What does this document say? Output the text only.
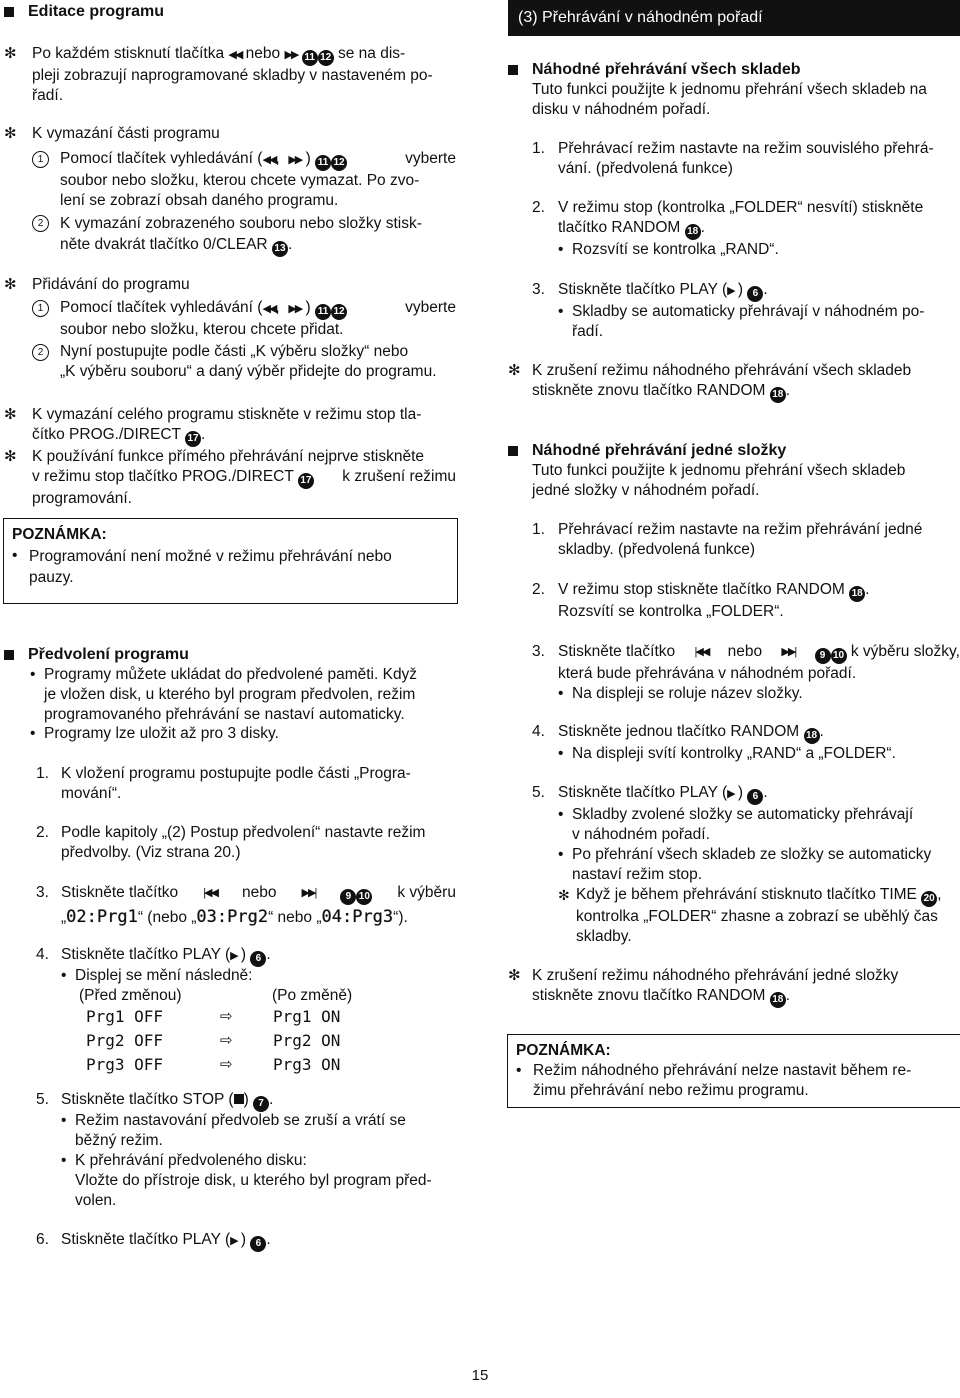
Editace programu
✻ Po každém stisknutí tlačítka ◀◀ nebo ▶▶ 11 12 se na dis-
pleji zobrazují naprogramované skladby v nastaveném po-
řadí.
✻ K vymazání části programu
1	Pomocí tlačítek vyhledávání (◀◀, ▶▶ ) 11 12	vyberte
soubor nebo složku, kterou chcete vymazat. Po zvo-
lení se zobrazí obsah daného programu.
2	K vymazání zobrazeného souboru nebo složky stisk-
něte dvakrát tlačítko 0/CLEAR 13 .
✻ Přidávání do programu
1	Pomocí tlačítek vyhledávání (◀◀,  ▶▶ ) 11 12	vyberte
soubor nebo složku, kterou chcete přidat.
2	Nyní postupujte podle části „K výběru složky“ nebo
„K výběru souboru“ a daný výběr přidejte do programu.
✻ K vymazání celého programu stiskněte v režimu stop tla-
čítko PROG./DIRECT 17 .
✻ K používání funkce přímého přehrávání nejprve stiskněte
v režimu stop tlačítko PROG./DIRECT 17 k zrušení režimu
programování.
POZNÁMKA:
• Programování není možné v režimu přehrávání nebo
pauzy.
Předvolení programu
• Programy můžete ukládat do předvolené paměti. Když
je vložen disk, u kterého byl program předvolen, režim
programovaného přehrávání se nastaví automaticky.
• Programy lze uložit až pro 3 disky.
1. K vložení programu postupujte podle části „Progra-
mování“.
2. Podle kapitoly „(2) Postup předvolení“ nastavte režim
předvolby. (Viz strana 20.)
3. Stiskněte tlačítko |◀◀ nebo ▶▶|	9 10 k výběru
„02:Prg1“ (nebo „03:Prg2“ nebo „04:Prg3“).
4. Stiskněte tlačítko PLAY (▶ ) 6 .
• Displej se mění následně:
(Před změnou)	(Po změně)
Prg1 OFF	⇨	Prg1 ON
Prg2 OFF	⇨	Prg2 ON
Prg3 OFF	⇨	Prg3 ON
5. Stiskněte tlačítko STOP ( ) 7 .
• Režim nastavování předvoleb se zruší a vrátí se
běžný režim.
• K přehrávání předvoleného disku:
Vložte do přístroje disk, u kterého byl program před-
volen.
6. Stiskněte tlačítko PLAY (▶ ) 6 .
(3) Přehrávání v náhodném pořadí
Náhodné přehrávání všech skladeb
Tuto funkci použijte k jednomu přehrání všech skladeb na
disku v náhodném pořadí.
1. Přehrávací režim nastavte na režim souvislého přehrá-
vání. (předvolená funkce)
2. V režimu stop (kontrolka „FOLDER“ nesvítí) stiskněte
tlačítko RANDOM 18 .
•  Rozsvítí se kontrolka „RAND“.
3. Stiskněte tlačítko PLAY (▶ ) 6 .
• Skladby se automaticky přehrávají v náhodném po-
řadí.
✻ K zrušení režimu náhodného přehrávání všech skladeb
stiskněte znovu tlačítko RANDOM 18 .
Náhodné přehrávání jedné složky
Tuto funkci použijte k jednomu přehrání všech skladeb
jedné složky v náhodném pořadí.
1. Přehrávací režim nastavte na režim přehrávání jedné
skladby. (předvolená funkce)
2. V režimu stop stiskněte tlačítko RANDOM 18 .
Rozsvítí se kontrolka „FOLDER“.
3. Stiskněte tlačítko |◀◀ nebo ▶▶|	9 10 k výběru složky,
která bude přehrávána v náhodném pořadí.
•  Na displeji se roluje název složky.
4. Stiskněte jednou tlačítko RANDOM 18 .
•  Na displeji svítí kontrolky „RAND“ a „FOLDER“.
5. Stiskněte tlačítko PLAY (▶ ) 6 .
• Skladby zvolené složky se automaticky přehrávají
v náhodném pořadí.
• Po přehrání všech skladeb ze složky se automaticky
nastaví režim stop.
✻ Když je během přehrávání stisknuto tlačítko TIME 20 ,
kontrolka „FOLDER“ zhasne a zobrazí se uběhlý čas
skladby.
✻ K zrušení režimu náhodného přehrávání jedné složky
stiskněte znovu tlačítko RANDOM 18 .
POZNÁMKA:
• Režim náhodného přehrávání nelze nastavit během re-
žimu přehrávání nebo režimu programu.
15
